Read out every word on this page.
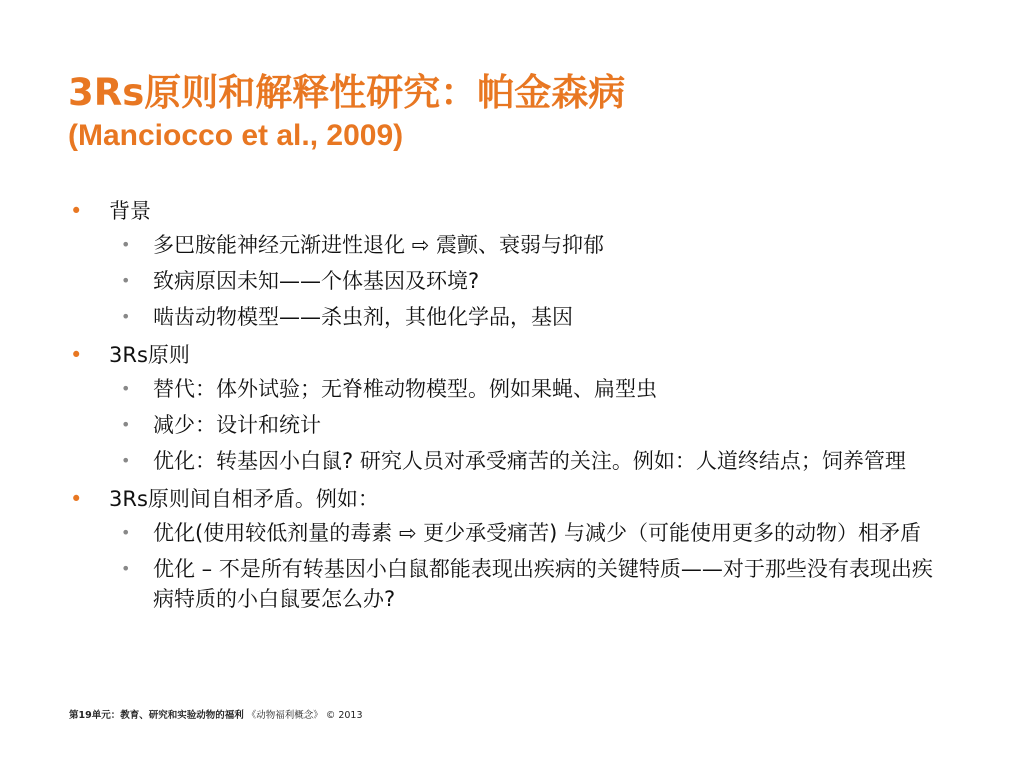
3Rs原则和解释性研究：帕金森病
(Manciocco et al., 2009)
• 背景
• 多巴胺能神经元渐进性退化 ⇨ 震颤、衰弱与抑郁
• 致病原因未知——个体基因及环境?
• 啮齿动物模型——杀虫剂，其他化学品，基因
• 3Rs原则
• 替代：体外试验；无脊椎动物模型。例如果蝇、扁型虫
• 减少：设计和统计
• 优化：转基因小白鼠? 研究人员对承受痛苦的关注。例如：人道终结点；饲养管理
• 3Rs原则间自相矛盾。例如：
• 优化(使用较低剂量的毒素 ⇨ 更少承受痛苦) 与减少（可能使用更多的动物）相矛盾
• 优化 – 不是所有转基因小白鼠都能表现出疾病的关键特质——对于那些没有表现出疾病特质的小白鼠要怎么办?
第19单元：教育、研究和实验动物的福利 《动物福利概念》 © 2013
